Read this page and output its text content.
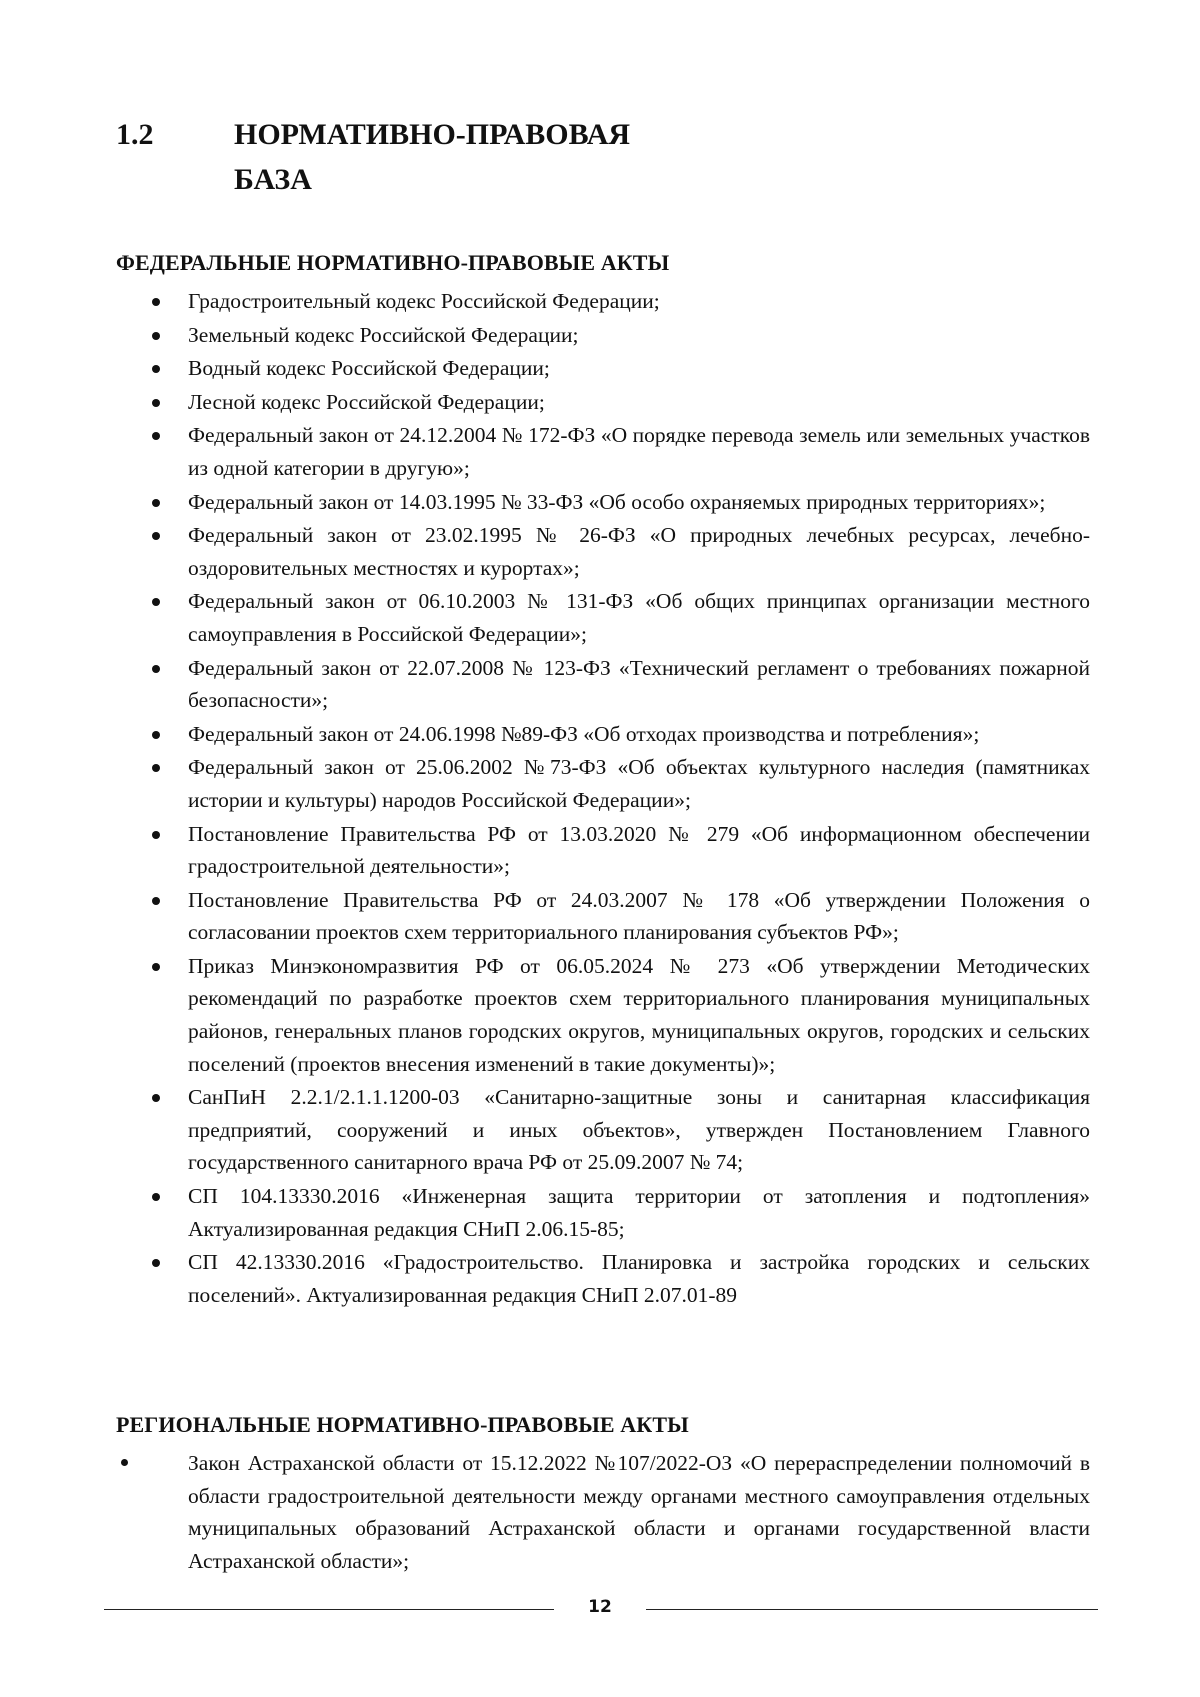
1.2	НОРМАТИВНО-ПРАВОВАЯ
БАЗА
ФЕДЕРАЛЬНЫЕ НОРМАТИВНО-ПРАВОВЫЕ АКТЫ
Градостроительный кодекс Российской Федерации;
Земельный кодекс Российской Федерации;
Водный кодекс Российской Федерации;
Лесной кодекс Российской Федерации;
Федеральный закон от 24.12.2004 № 172-ФЗ «О порядке перевода земель или земельных участков из одной категории в другую»;
Федеральный закон от 14.03.1995 № 33-ФЗ «Об особо охраняемых природных территориях»;
Федеральный закон от 23.02.1995 № 26-ФЗ «О природных лечебных ресурсах, лечебно-оздоровительных местностях и курортах»;
Федеральный закон от 06.10.2003 № 131-ФЗ «Об общих принципах организации местного самоуправления в Российской Федерации»;
Федеральный закон от 22.07.2008 № 123-ФЗ «Технический регламент о требованиях пожарной безопасности»;
Федеральный закон от 24.06.1998 №89-ФЗ «Об отходах производства и потребления»;
Федеральный закон от 25.06.2002 №73-ФЗ «Об объектах культурного наследия (памятниках истории и культуры) народов Российской Федерации»;
Постановление Правительства РФ от 13.03.2020 № 279 «Об информационном обеспечении градостроительной деятельности»;
Постановление Правительства РФ от 24.03.2007 № 178 «Об утверждении Положения о согласовании проектов схем территориального планирования субъектов РФ»;
Приказ Минэкономразвития РФ от 06.05.2024 № 273 «Об утверждении Методических рекомендаций по разработке проектов схем территориального планирования муниципальных районов, генеральных планов городских округов, муниципальных округов, городских и сельских поселений (проектов внесения изменений в такие документы)»;
СанПиН 2.2.1/2.1.1.1200-03 «Санитарно-защитные зоны и санитарная классификация предприятий, сооружений и иных объектов», утвержден Постановлением Главного государственного санитарного врача РФ от 25.09.2007 № 74;
СП 104.13330.2016 «Инженерная защита территории от затопления и подтопления» Актуализированная редакция СНиП 2.06.15-85;
СП 42.13330.2016 «Градостроительство. Планировка и застройка городских и сельских поселений». Актуализированная редакция СНиП 2.07.01-89
РЕГИОНАЛЬНЫЕ НОРМАТИВНО-ПРАВОВЫЕ АКТЫ
Закон Астраханской области от 15.12.2022 №107/2022-ОЗ «О перераспределении полномочий в области градостроительной деятельности между органами местного самоуправления отдельных муниципальных образований Астраханской области и органами государственной власти Астраханской области»;
12
